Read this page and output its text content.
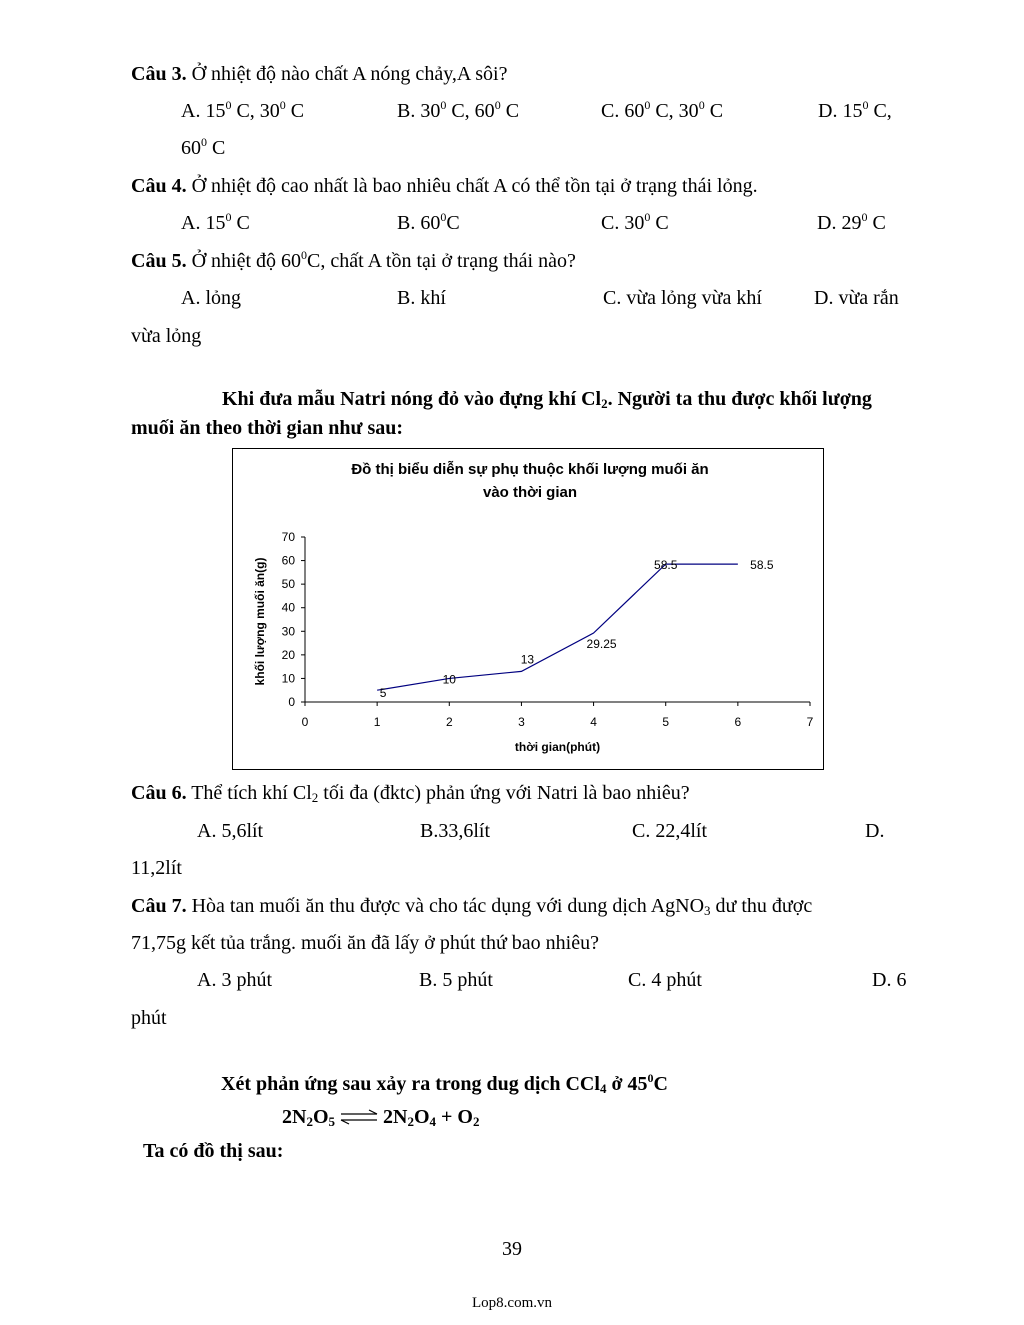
Câu 3. Ở nhiệt độ nào chất A nóng chảy,A sôi?
A. $15^0$ C, $30^0$ C	B. $30^0$ C, $60^0$ C	C. $60^0$ C, $30^0$ C	D. $15^0$ C,
$60^0$ C
Câu 4. Ở nhiệt độ cao nhất là bao nhiêu chất A có thể tồn tại ở trạng thái lỏng.
A. $15^0$ C	B. $60^0C$	C. $30^0$ C	D. $29^0$ C
Câu 5. Ở nhiệt độ $60^0C$, chất A tồn tại ở trạng thái nào?
A. lỏng	B. khí	C. vừa lỏng vừa khí	D. vừa rắn
vừa lỏng
Khi đưa mẫu Natri nóng đỏ vào đựng khí $Cl_2$. Người ta thu được khối lượng
muối ăn theo thời gian như sau:
Đồ thị biểu diễn sự phụ thuộc khối lượng muối ăn
vào thời gian
0	1	2	3	4	5	6	7
0
10
20
30
40
50
60
70
5
10
13
29.25
58.5	58.5
thời gian(phút)
khối lượng muối ăn(g)
Câu 6. Thể tích khí $Cl_2$ tối đa (đktc) phản ứng với Natri là bao nhiêu?
A. 5,6lít	B.33,6lít	C. 22,4lít	D.
11,2lít
Câu 7. Hòa tan muối ăn thu được và cho tác dụng với dung dịch AgNO$_3$ dư thu được
71,75g kết tủa trắng. muối ăn đã lấy ở phút thứ bao nhiêu?
A. 3 phút	B. 5 phút	C. 4 phút	D. 6
phút
Xét phản ứng sau xảy ra trong dug dịch CCl$_4$ ở $45^0C$
$2N_2O_5$ ⇌ $2N_2O_4 + O_2$
Ta có đồ thị sau:
39
Lop8.com.vn
